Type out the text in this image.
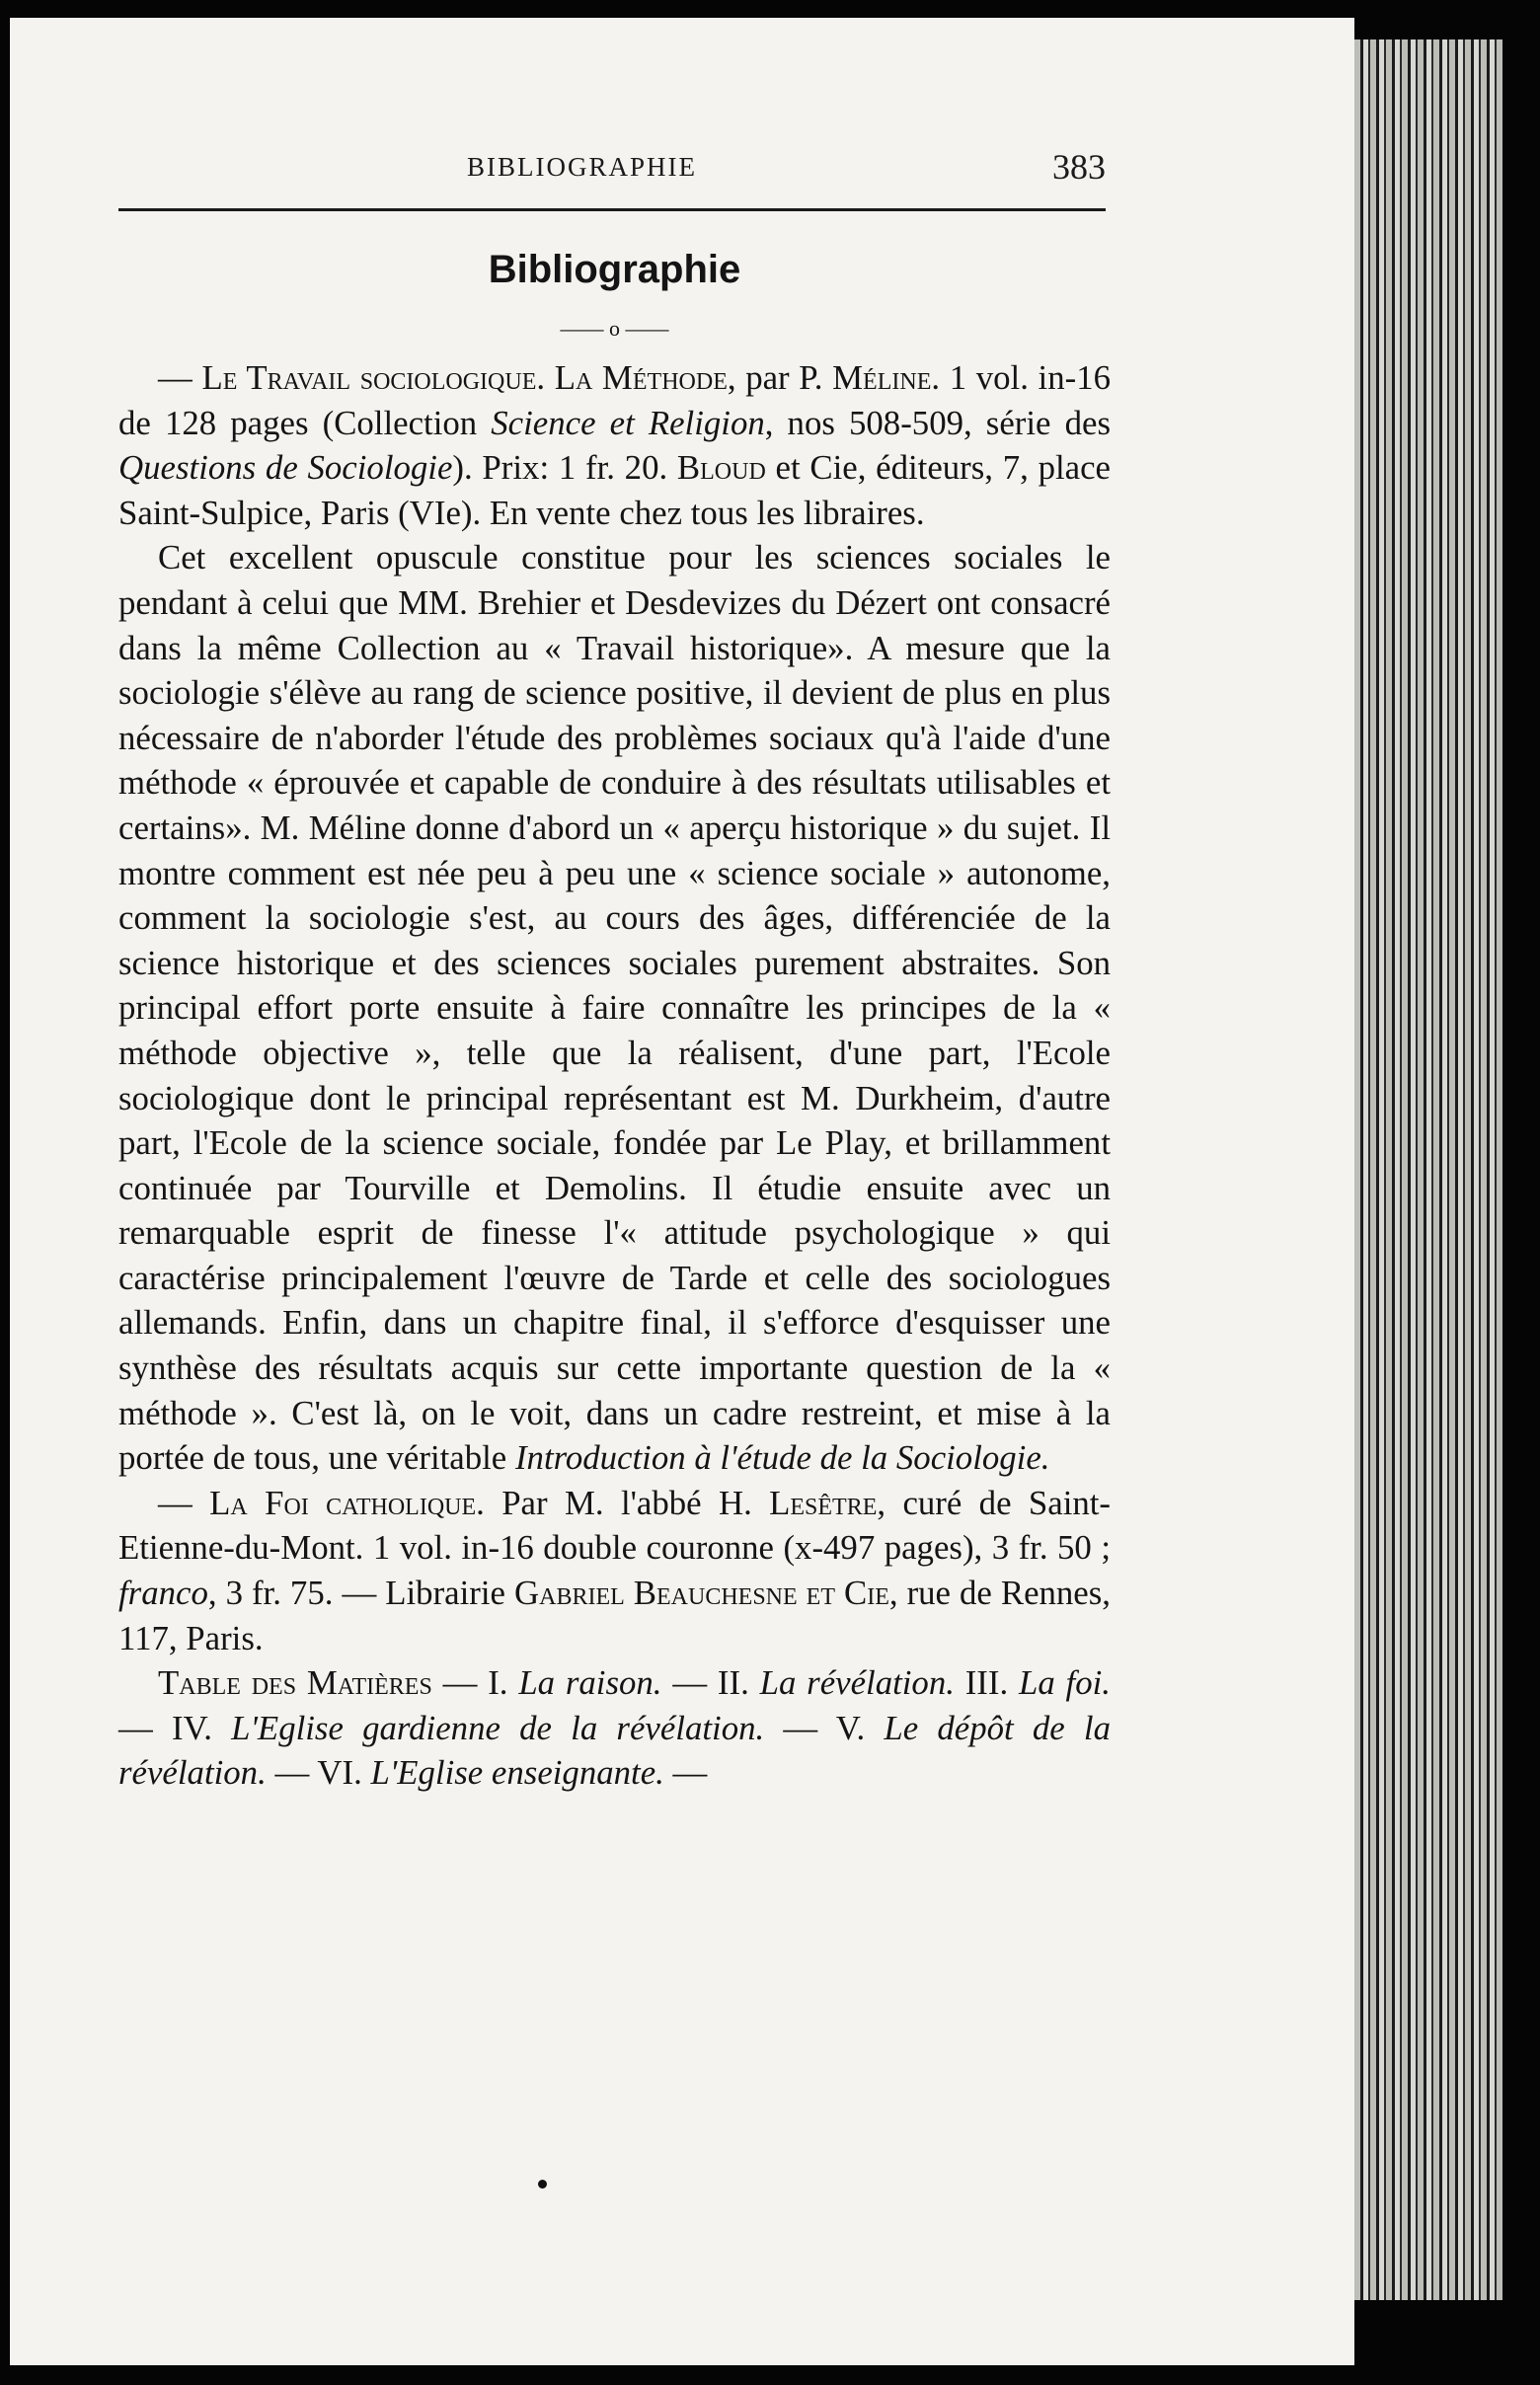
BIBLIOGRAPHIE	383
Bibliographie
—— o ——

— Le Travail sociologique. La Méthode, par P. Méline. 1 vol. in-16 de 128 pages (Collection Science et Religion, nos 508-509, série des Questions de Sociologie). Prix: 1 fr. 20. Bloud et Cie, éditeurs, 7, place Saint-Sulpice, Paris (VIe). En vente chez tous les libraires.

Cet excellent opuscule constitue pour les sciences sociales le pendant à celui que MM. Brehier et Desdevizes du Dézert ont consacré dans la même Collection au « Travail historique». A mesure que la sociologie s'élève au rang de science positive, il devient de plus en plus nécessaire de n'aborder l'étude des problèmes sociaux qu'à l'aide d'une méthode « éprouvée et capable de conduire à des résultats utilisables et certains». M. Méline donne d'abord un « aperçu historique » du sujet. Il montre comment est née peu à peu une « science sociale » autonome, comment la sociologie s'est, au cours des âges, différenciée de la science historique et des sciences sociales purement abstraites. Son principal effort porte ensuite à faire connaître les principes de la « méthode objective », telle que la réalisent, d'une part, l'Ecole sociologique dont le principal représentant est M. Durkheim, d'autre part, l'Ecole de la science sociale, fondée par Le Play, et brillamment continuée par Tourville et Demolins. Il étudie ensuite avec un remarquable esprit de finesse l'« attitude psychologique » qui caractérise principalement l'œuvre de Tarde et celle des sociologues allemands. Enfin, dans un chapitre final, il s'efforce d'esquisser une synthèse des résultats acquis sur cette importante question de la « méthode ». C'est là, on le voit, dans un cadre restreint, et mise à la portée de tous, une véritable Introduction à l'étude de la Sociologie.

— La Foi catholique. Par M. l'abbé H. Lesêtre, curé de Saint-Etienne-du-Mont. 1 vol. in-16 double couronne (x-497 pages), 3 fr. 50 ; franco, 3 fr. 75. — Librairie Gabriel Beauchesne et Cie, rue de Rennes, 117, Paris.

Table des Matières — I. La raison. — II. La révélation. III. La foi. — IV. L'Eglise gardienne de la révélation. — V. Le dépôt de la révélation. — VI. L'Eglise enseignante. —
